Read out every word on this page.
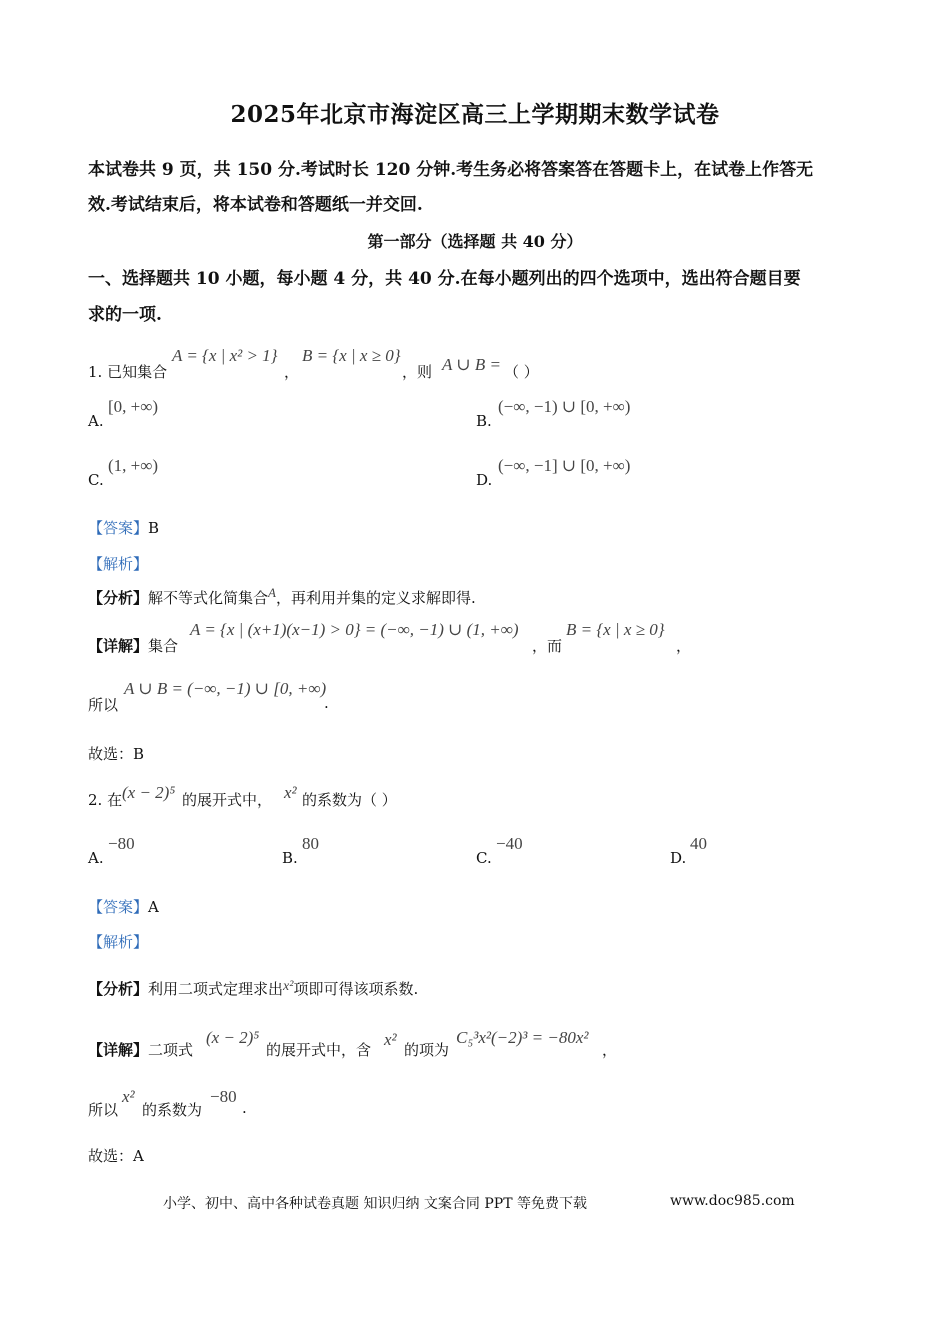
2025年北京市海淀区高三上学期期末数学试卷
本试卷共 9 页，共 150 分.考试时长 120 分钟.考生务必将答案答在答题卡上，在试卷上作答无
效.考试结束后，将本试卷和答题纸一并交回.
第一部分（选择题 共 40 分）
一、选择题共 10 小题，每小题 4 分，共 40 分.在每小题列出的四个选项中，选出符合题目要
求的一项.
1. 已知集合
A = {x | x² > 1}
，
B = {x | x ≥ 0}
，则 A ∪ B = （ ）
A.
[0, +∞)
B.
(−∞, −1) ∪ [0, +∞)
C.
(1, +∞)
D.
(−∞, −1] ∪ [0, +∞)
【答案】B
【解析】
【分析】解不等式化简集合A，再利用并集的定义求解即得.
【详解】集合
A = {x | (x+1)(x−1) > 0} = (−∞, −1) ∪ (1, +∞)
，而
B = {x | x ≥ 0}
，
所以
A ∪ B = (−∞, −1) ∪ [0, +∞)
.
故选：B
2. 在 (x − 2)⁵ 的展开式中， x² 的系数为（ ）
A.
−80
B.
80
C.
−40
D.
40
【答案】A
【解析】
【分析】利用二项式定理求出x²项即可得该项系数.
【详解】二项式
(x − 2)⁵
的展开式中，含
x²
的项为
C₅³x²(−2)³ = −80x²
，
所以
x²
的系数为
−80
.
故选：A
小学、初中、高中各种试卷真题 知识归纳 文案合同 PPT 等免费下载	www.doc985.com
